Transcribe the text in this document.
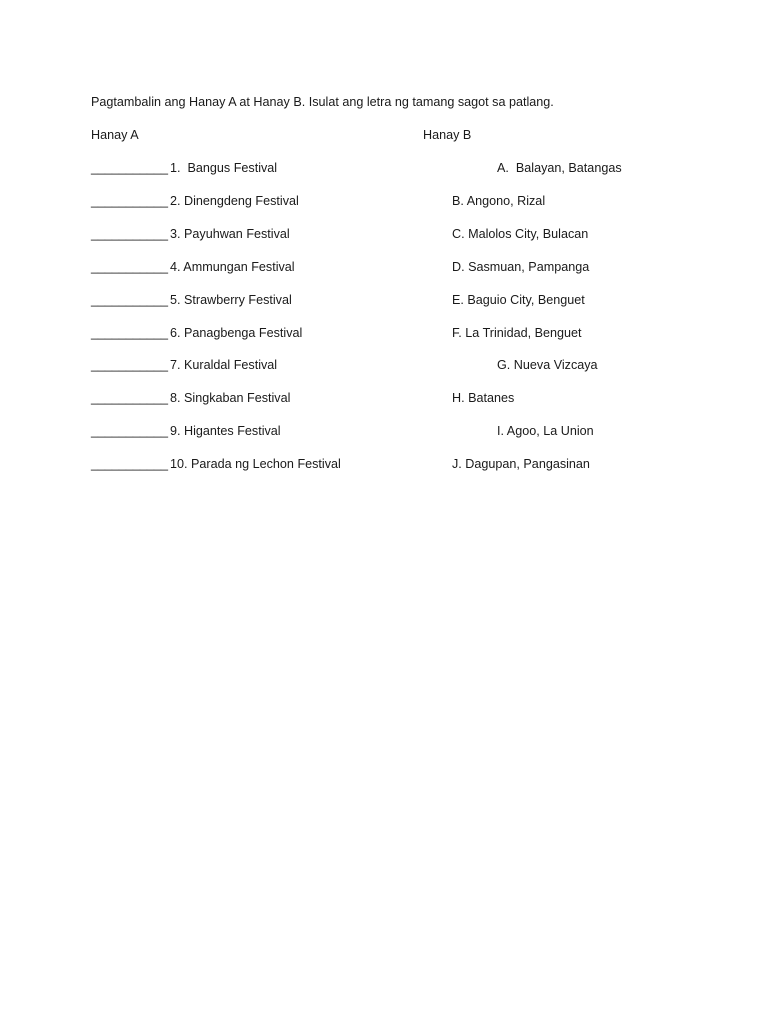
Pagtambalin ang Hanay A at Hanay B. Isulat ang letra ng tamang sagot sa patlang.
Hanay A	Hanay B
___________ 1.  Bangus Festival	A.  Balayan, Batangas
___________ 2. Dinengdeng Festival	B. Angono, Rizal
___________ 3. Payuhwan Festival	C. Malolos City, Bulacan
___________ 4. Ammungan Festival	D. Sasmuan, Pampanga
___________ 5. Strawberry Festival	E. Baguio City, Benguet
___________ 6. Panagbenga Festival	F. La Trinidad, Benguet
___________ 7. Kuraldal Festival	G. Nueva Vizcaya
___________ 8. Singkaban Festival	H. Batanes
___________ 9. Higantes Festival	I. Agoo, La Union
___________ 10. Parada ng Lechon Festival	J. Dagupan, Pangasinan
